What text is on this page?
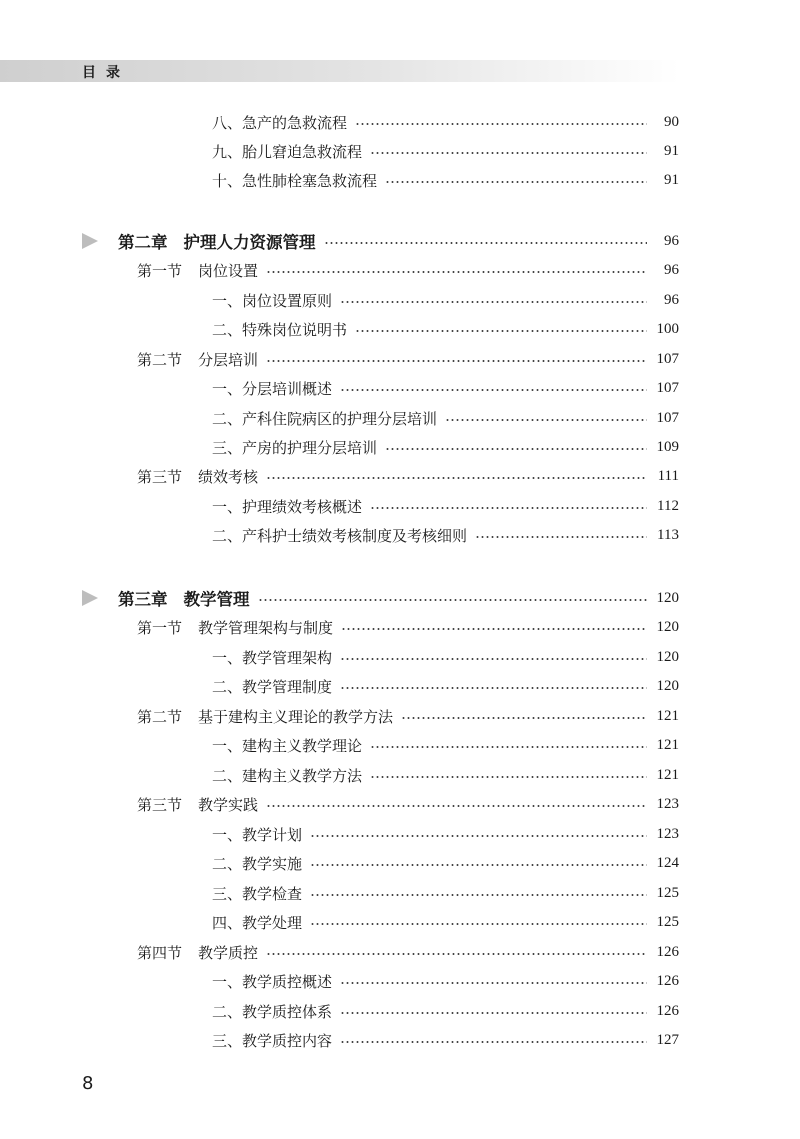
目录
八、急产的急救流程	90
九、胎儿窘迫急救流程	91
十、急性肺栓塞急救流程	91
第二章 护理人力资源管理	96
第一节 岗位设置	96
一、岗位设置原则	96
二、特殊岗位说明书	100
第二节 分层培训	107
一、分层培训概述	107
二、产科住院病区的护理分层培训	107
三、产房的护理分层培训	109
第三节 绩效考核	111
一、护理绩效考核概述	112
二、产科护士绩效考核制度及考核细则	113
第三章 教学管理	120
第一节 教学管理架构与制度	120
一、教学管理架构	120
二、教学管理制度	120
第二节 基于建构主义理论的教学方法	121
一、建构主义教学理论	121
二、建构主义教学方法	121
第三节 教学实践	123
一、教学计划	123
二、教学实施	124
三、教学检查	125
四、教学处理	125
第四节 教学质控	126
一、教学质控概述	126
二、教学质控体系	126
三、教学质控内容	127
8
